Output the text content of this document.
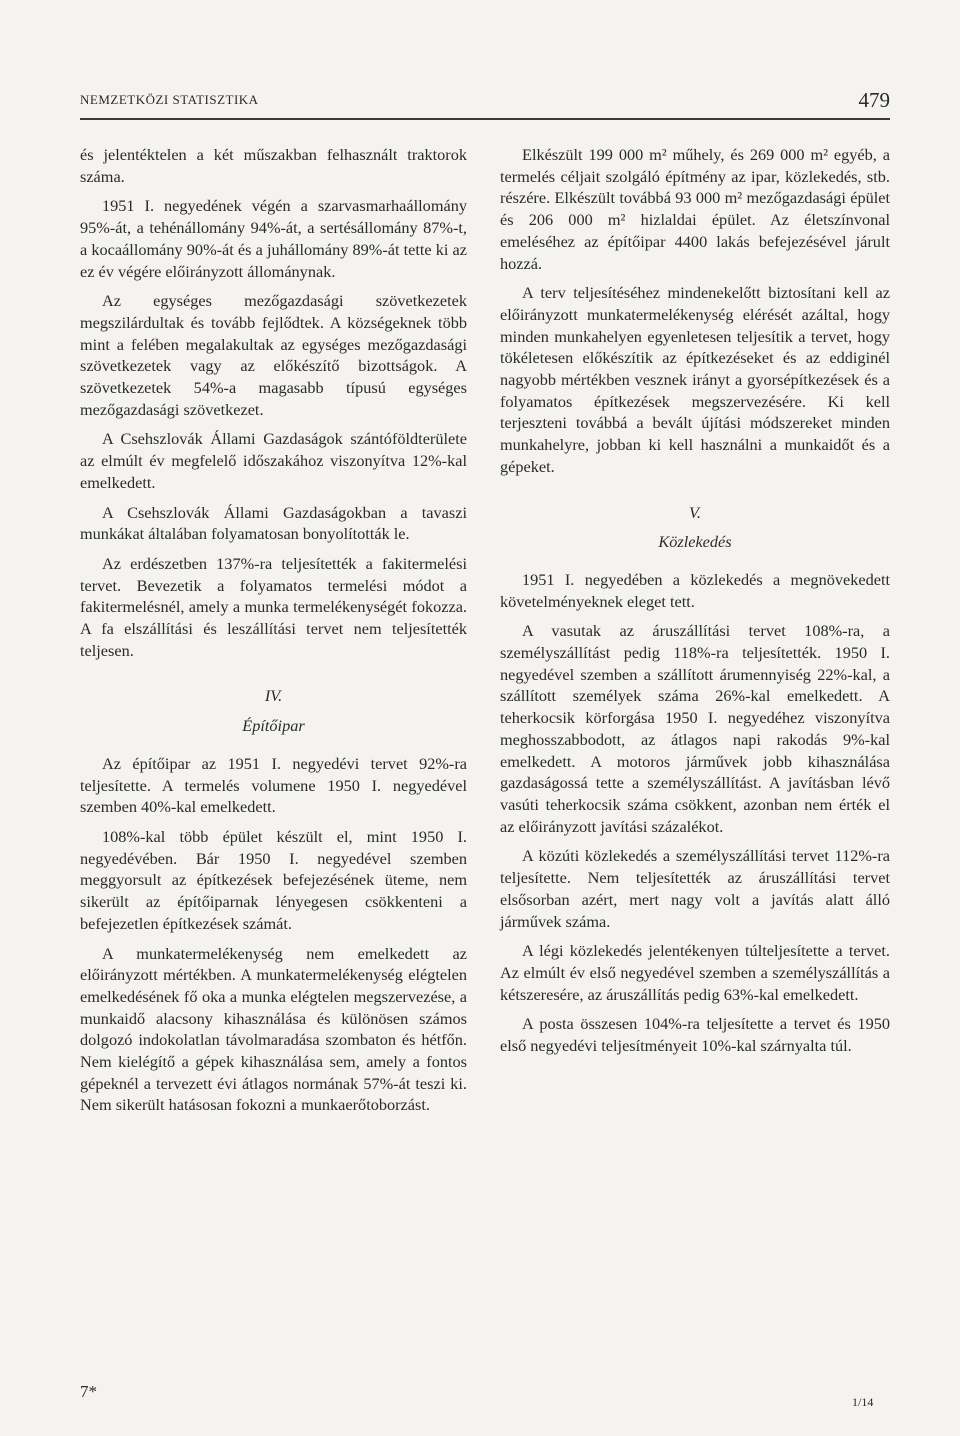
NEMZETKÖZI STATISZTIKA	479

és jelentéktelen a két műszakban felhasznált traktorok száma.

1951 I. negyedének végén a szarvasmarhaállomány 95%-át, a tehénállomány 94%-át, a sertésállomány 87%-t, a kocaállomány 90%-át és a juhállomány 89%-át tette ki az ez év végére előirányzott állománynak.

Az egységes mezőgazdasági szövetkezetek megszilárdultak és tovább fejlődtek. A községeknek több mint a felében megalakultak az egységes mezőgazdasági szövetkezetek vagy az előkészítő bizottságok. A szövetkezetek 54%-a magasabb típusú egységes mezőgazdasági szövetkezet.

A Csehszlovák Állami Gazdaságok szántóföldterülete az elmúlt év megfelelő időszakához viszonyítva 12%-kal emelkedett.

A Csehszlovák Állami Gazdaságokban a tavaszi munkákat általában folyamatosan bonyolították le.

Az erdészetben 137%-ra teljesítették a fakitermelési tervet. Bevezetik a folyamatos termelési módot a fakitermelésnél, amely a munka termelékenységét fokozza. A fa elszállítási és leszállítási tervet nem teljesítették teljesen.

IV.
Építőipar

Az építőipar az 1951 I. negyedévi tervet 92%-ra teljesítette. A termelés volumene 1950 I. negyedével szemben 40%-kal emelkedett.

108%-kal több épület készült el, mint 1950 I. negyedévében. Bár 1950 I. negyedével szemben meggyorsult az építkezések befejezésének üteme, nem sikerült az építőiparnak lényegesen csökkenteni a befejezetlen építkezések számát.

A munkatermelékenység nem emelkedett az előirányzott mértékben. A munkatermelékenység elégtelen emelkedésének fő oka a munka elégtelen megszervezése, a munkaidő alacsony kihasználása és különösen számos dolgozó indokolatlan távolmaradása szombaton és hétfőn. Nem kielégítő a gépek kihasználása sem, amely a fontos gépeknél a tervezett évi átlagos normának 57%-át teszi ki. Nem sikerült hatásosan fokozni a munkaerőtoborzást.

Elkészült 199 000 m² műhely, és 269 000 m² egyéb, a termelés céljait szolgáló építmény az ipar, közlekedés, stb. részére. Elkészült továbbá 93 000 m² mezőgazdasági épület és 206 000 m² hizlaldai épület. Az életszínvonal emeléséhez az építőipar 4400 lakás befejezésével járult hozzá.

A terv teljesítéséhez mindenekelőtt biztosítani kell az előirányzott munkatermelékenység elérését azáltal, hogy minden munkahelyen egyenletesen teljesítik a tervet, hogy tökéletesen előkészítik az építkezéseket és az eddiginél nagyobb mértékben vesznek irányt a gyorsépítkezések és a folyamatos építkezések megszervezésére. Ki kell terjeszteni továbbá a bevált újítási módszereket minden munkahelyre, jobban ki kell használni a munkaidőt és a gépeket.

V.
Közlekedés

1951 I. negyedében a közlekedés a megnövekedett követelményeknek eleget tett.

A vasutak az áruszállítási tervet 108%-ra, a személyszállítást pedig 118%-ra teljesítették. 1950 I. negyedével szemben a szállított árumennyiség 22%-kal, a szállított személyek száma 26%-kal emelkedett. A teherkocsik körforgása 1950 I. negyedéhez viszonyítva meghosszabbodott, az átlagos napi rakodás 9%-kal emelkedett. A motoros járművek jobb kihasználása gazdaságossá tette a személyszállítást. A javításban lévő vasúti teherkocsik száma csökkent, azonban nem érték el az előirányzott javítási százalékot.

A közúti közlekedés a személyszállítási tervet 112%-ra teljesítette. Nem teljesítették az áruszállítási tervet elsősorban azért, mert nagy volt a javítás alatt álló járművek száma.

A légi közlekedés jelentékenyen túlteljesítette a tervet. Az elmúlt év első negyedével szemben a személyszállítás a kétszeresére, az áruszállítás pedig 63%-kal emelkedett.

A posta összesen 104%-ra teljesítette a tervet és 1950 első negyedévi teljesítményeit 10%-kal szárnyalta túl.

7*
1/14
